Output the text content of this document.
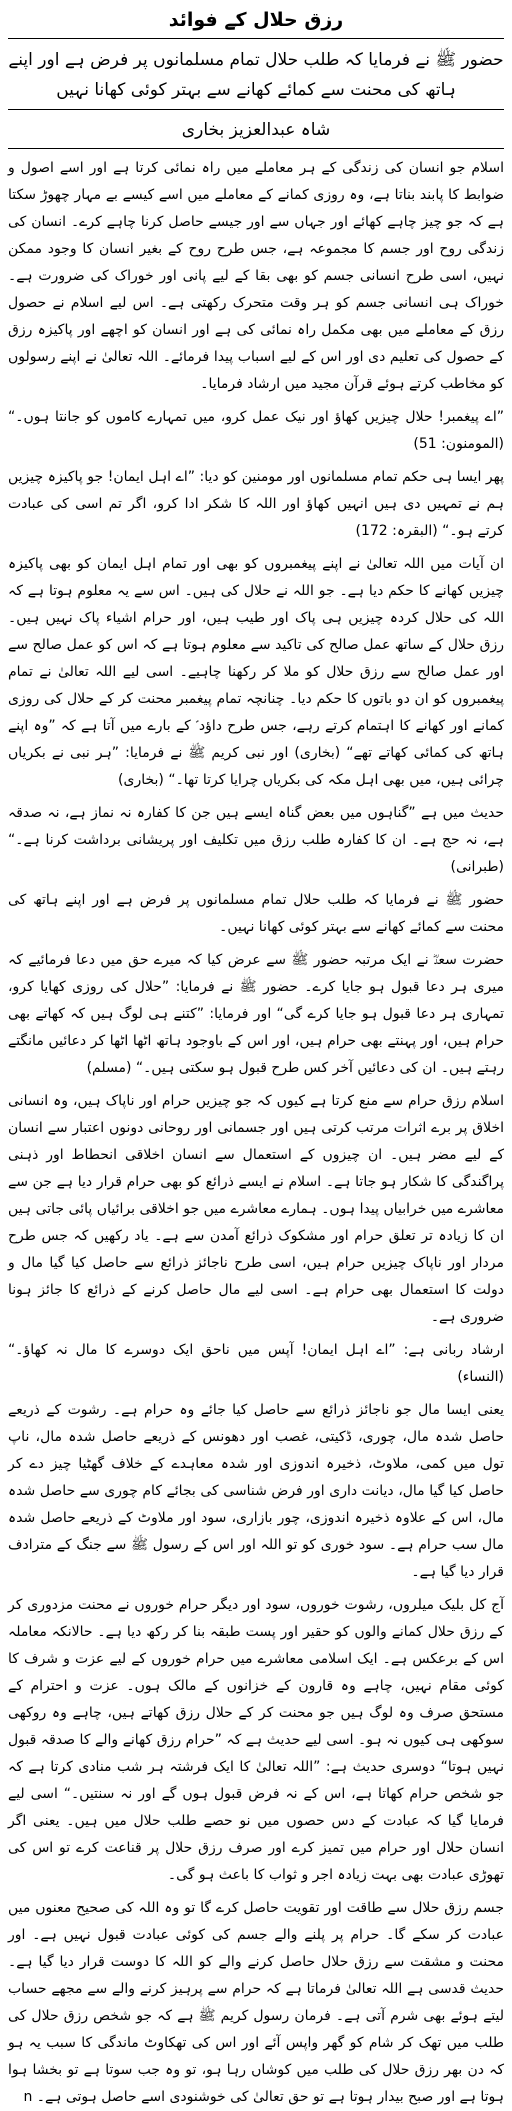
رزق حلال کے فوائد

حضور ﷺ نے فرمایا کہ طلب حلال تمام مسلمانوں پر فرض ہے اور اپنے ہاتھ کی محنت سے کمائے کھانے سے بہتر کوئی کھانا نہیں

شاہ عبدالعزیز بخاری

اسلام جو انسان کی زندگی کے ہر معاملے میں راہ نمائی کرتا ہے اور اسے اصول و ضوابط کا پابند بناتا ہے، وہ روزی کمانے کے معاملے میں اسے کیسے بے مہار چھوڑ سکتا ہے کہ جو چیز چاہے کھائے اور جہاں سے اور جیسے حاصل کرنا چاہے کرے۔ انسان کی زندگی روح اور جسم کا مجموعہ ہے، جس طرح روح کے بغیر انسان کا وجود ممکن نہیں، اسی طرح انسانی جسم کو بھی بقا کے لیے پانی اور خوراک کی ضرورت ہے۔ خوراک ہی انسانی جسم کو ہر وقت متحرک رکھتی ہے۔ اس لیے اسلام نے حصول رزق کے معاملے میں بھی مکمل راہ نمائی کی ہے اور انسان کو اچھے اور پاکیزہ رزق کے حصول کی تعلیم دی اور اس کے لیے اسباب پیدا فرمائے۔ اللہ تعالیٰ نے اپنے رسولوں کو مخاطب کرتے ہوئے قرآن مجید میں ارشاد فرمایا۔

”اے پیغمبر! حلال چیزیں کھاؤ اور نیک عمل کرو، میں تمہارے کاموں کو جانتا ہوں۔“ (المومنون: 51)

پھر ایسا ہی حکم تمام مسلمانوں اور مومنین کو دیا: ”اے اہل ایمان! جو پاکیزہ چیزیں ہم نے تمہیں دی ہیں انہیں کھاؤ اور اللہ کا شکر ادا کرو، اگر تم اسی کی عبادت کرتے ہو۔“ (البقرہ: 172)

ان آیات میں اللہ تعالیٰ نے اپنے پیغمبروں کو بھی اور تمام اہل ایمان کو بھی پاکیزہ چیزیں کھانے کا حکم دیا ہے۔ جو اللہ نے حلال کی ہیں۔ اس سے یہ معلوم ہوتا ہے کہ اللہ کی حلال کردہ چیزیں ہی پاک اور طیب ہیں، اور حرام اشیاء پاک نہیں ہیں۔ رزق حلال کے ساتھ عمل صالح کی تاکید سے معلوم ہوتا ہے کہ اس کو عمل صالح سے اور عمل صالح سے رزق حلال کو ملا کر رکھنا چاہیے۔ اسی لیے اللہ تعالیٰ نے تمام پیغمبروں کو ان دو باتوں کا حکم دیا۔ چنانچہ تمام پیغمبر محنت کر کے حلال کی روزی کمانے اور کھانے کا اہتمام کرتے رہے، جس طرح داؤد ؑ کے بارے میں آتا ہے کہ ”وہ اپنے ہاتھ کی کمائی کھاتے تھے“ (بخاری) اور نبی کریم ﷺ نے فرمایا: ”ہر نبی نے بکریاں چرائی ہیں، میں بھی اہل مکہ کی بکریاں چرایا کرتا تھا۔“ (بخاری)

حدیث میں ہے ”گناہوں میں بعض گناہ ایسے ہیں جن کا کفارہ نہ نماز ہے، نہ صدقہ ہے، نہ حج ہے۔ ان کا کفارہ طلب رزق میں تکلیف اور پریشانی برداشت کرنا ہے۔“ (طبرانی)

حضور ﷺ نے فرمایا کہ طلب حلال تمام مسلمانوں پر فرض ہے اور اپنے ہاتھ کی محنت سے کمائے کھانے سے بہتر کوئی کھانا نہیں۔

حضرت سعدؓ نے ایک مرتبہ حضور ﷺ سے عرض کیا کہ میرے حق میں دعا فرمائیے کہ میری ہر دعا قبول ہو جایا کرے۔ حضور ﷺ نے فرمایا: ”حلال کی روزی کھایا کرو، تمہاری ہر دعا قبول ہو جایا کرے گی“ اور فرمایا: ”کتنے ہی لوگ ہیں کہ کھاتے بھی حرام ہیں، اور پہنتے بھی حرام ہیں، اور اس کے باوجود ہاتھ اٹھا اٹھا کر دعائیں مانگتے رہتے ہیں۔ ان کی دعائیں آخر کس طرح قبول ہو سکتی ہیں۔“ (مسلم)

اسلام رزق حرام سے منع کرتا ہے کیوں کہ جو چیزیں حرام اور ناپاک ہیں، وہ انسانی اخلاق پر برے اثرات مرتب کرتی ہیں اور جسمانی اور روحانی دونوں اعتبار سے انسان کے لیے مضر ہیں۔ ان چیزوں کے استعمال سے انسان اخلاقی انحطاط اور ذہنی پراگندگی کا شکار ہو جاتا ہے۔ اسلام نے ایسے ذرائع کو بھی حرام قرار دیا ہے جن سے معاشرے میں خرابیاں پیدا ہوں۔ ہمارے معاشرے میں جو اخلاقی برائیاں پائی جاتی ہیں ان کا زیادہ تر تعلق حرام اور مشکوک ذرائع آمدن سے ہے۔ یاد رکھیں کہ جس طرح مردار اور ناپاک چیزیں حرام ہیں، اسی طرح ناجائز ذرائع سے حاصل کیا گیا مال و دولت کا استعمال بھی حرام ہے۔ اسی لیے مال حاصل کرنے کے ذرائع کا جائز ہونا ضروری ہے۔

ارشاد ربانی ہے: ”اے اہل ایمان! آپس میں ناحق ایک دوسرے کا مال نہ کھاؤ۔“ (النساء)

یعنی ایسا مال جو ناجائز ذرائع سے حاصل کیا جائے وہ حرام ہے۔ رشوت کے ذریعے حاصل شدہ مال، چوری، ڈکیتی، غصب اور دھونس کے ذریعے حاصل شدہ مال، ناپ تول میں کمی، ملاوٹ، ذخیرہ اندوزی اور شدہ معاہدے کے خلاف گھٹیا چیز دے کر حاصل کیا گیا مال، دیانت داری اور فرض شناسی کی بجائے کام چوری سے حاصل شدہ مال، اس کے علاوہ ذخیرہ اندوزی، چور بازاری، سود اور ملاوٹ کے ذریعے حاصل شدہ مال سب حرام ہے۔ سود خوری کو تو اللہ اور اس کے رسول ﷺ سے جنگ کے مترادف قرار دیا گیا ہے۔

آج کل بلیک میلروں، رشوت خوروں، سود اور دیگر حرام خوروں نے محنت مزدوری کر کے رزق حلال کمانے والوں کو حقیر اور پست طبقہ بنا کر رکھ دیا ہے۔ حالانکہ معاملہ اس کے برعکس ہے۔ ایک اسلامی معاشرے میں حرام خوروں کے لیے عزت و شرف کا کوئی مقام نہیں، چاہے وہ قارون کے خزانوں کے مالک ہوں۔ عزت و احترام کے مستحق صرف وہ لوگ ہیں جو محنت کر کے حلال رزق کھاتے ہیں، چاہے وہ روکھی سوکھی ہی کیوں نہ ہو۔ اسی لیے حدیث ہے کہ ”حرام رزق کھانے والے کا صدقہ قبول نہیں ہوتا“ دوسری حدیث ہے: ”اللہ تعالیٰ کا ایک فرشتہ ہر شب منادی کرتا ہے کہ جو شخص حرام کھاتا ہے، اس کے نہ فرض قبول ہوں گے اور نہ سنتیں۔“ اسی لیے فرمایا گیا کہ عبادت کے دس حصوں میں نو حصے طلب حلال میں ہیں۔ یعنی اگر انسان حلال اور حرام میں تمیز کرے اور صرف رزق حلال پر قناعت کرے تو اس کی تھوڑی عبادت بھی بہت زیادہ اجر و ثواب کا باعث ہو گی۔

جسم رزق حلال سے طاقت اور تقویت حاصل کرے گا تو وہ اللہ کی صحیح معنوں میں عبادت کر سکے گا۔ حرام پر پلنے والے جسم کی کوئی عبادت قبول نہیں ہے۔ اور محنت و مشقت سے رزق حلال حاصل کرنے والے کو اللہ کا دوست قرار دیا گیا ہے۔ حدیث قدسی ہے اللہ تعالیٰ فرماتا ہے کہ حرام سے پرہیز کرنے والے سے مجھے حساب لیتے ہوئے بھی شرم آتی ہے۔ فرمان رسول کریم ﷺ ہے کہ جو شخص رزق حلال کی طلب میں تھک کر شام کو گھر واپس آئے اور اس کی تھکاوٹ ماندگی کا سبب یہ ہو کہ دن بھر رزق حلال کی طلب میں کوشاں رہا ہو، تو وہ جب سوتا ہے تو بخشا ہوا ہوتا ہے اور صبح بیدار ہوتا ہے تو حق تعالیٰ کی خوشنودی اسے حاصل ہوتی ہے۔ n
